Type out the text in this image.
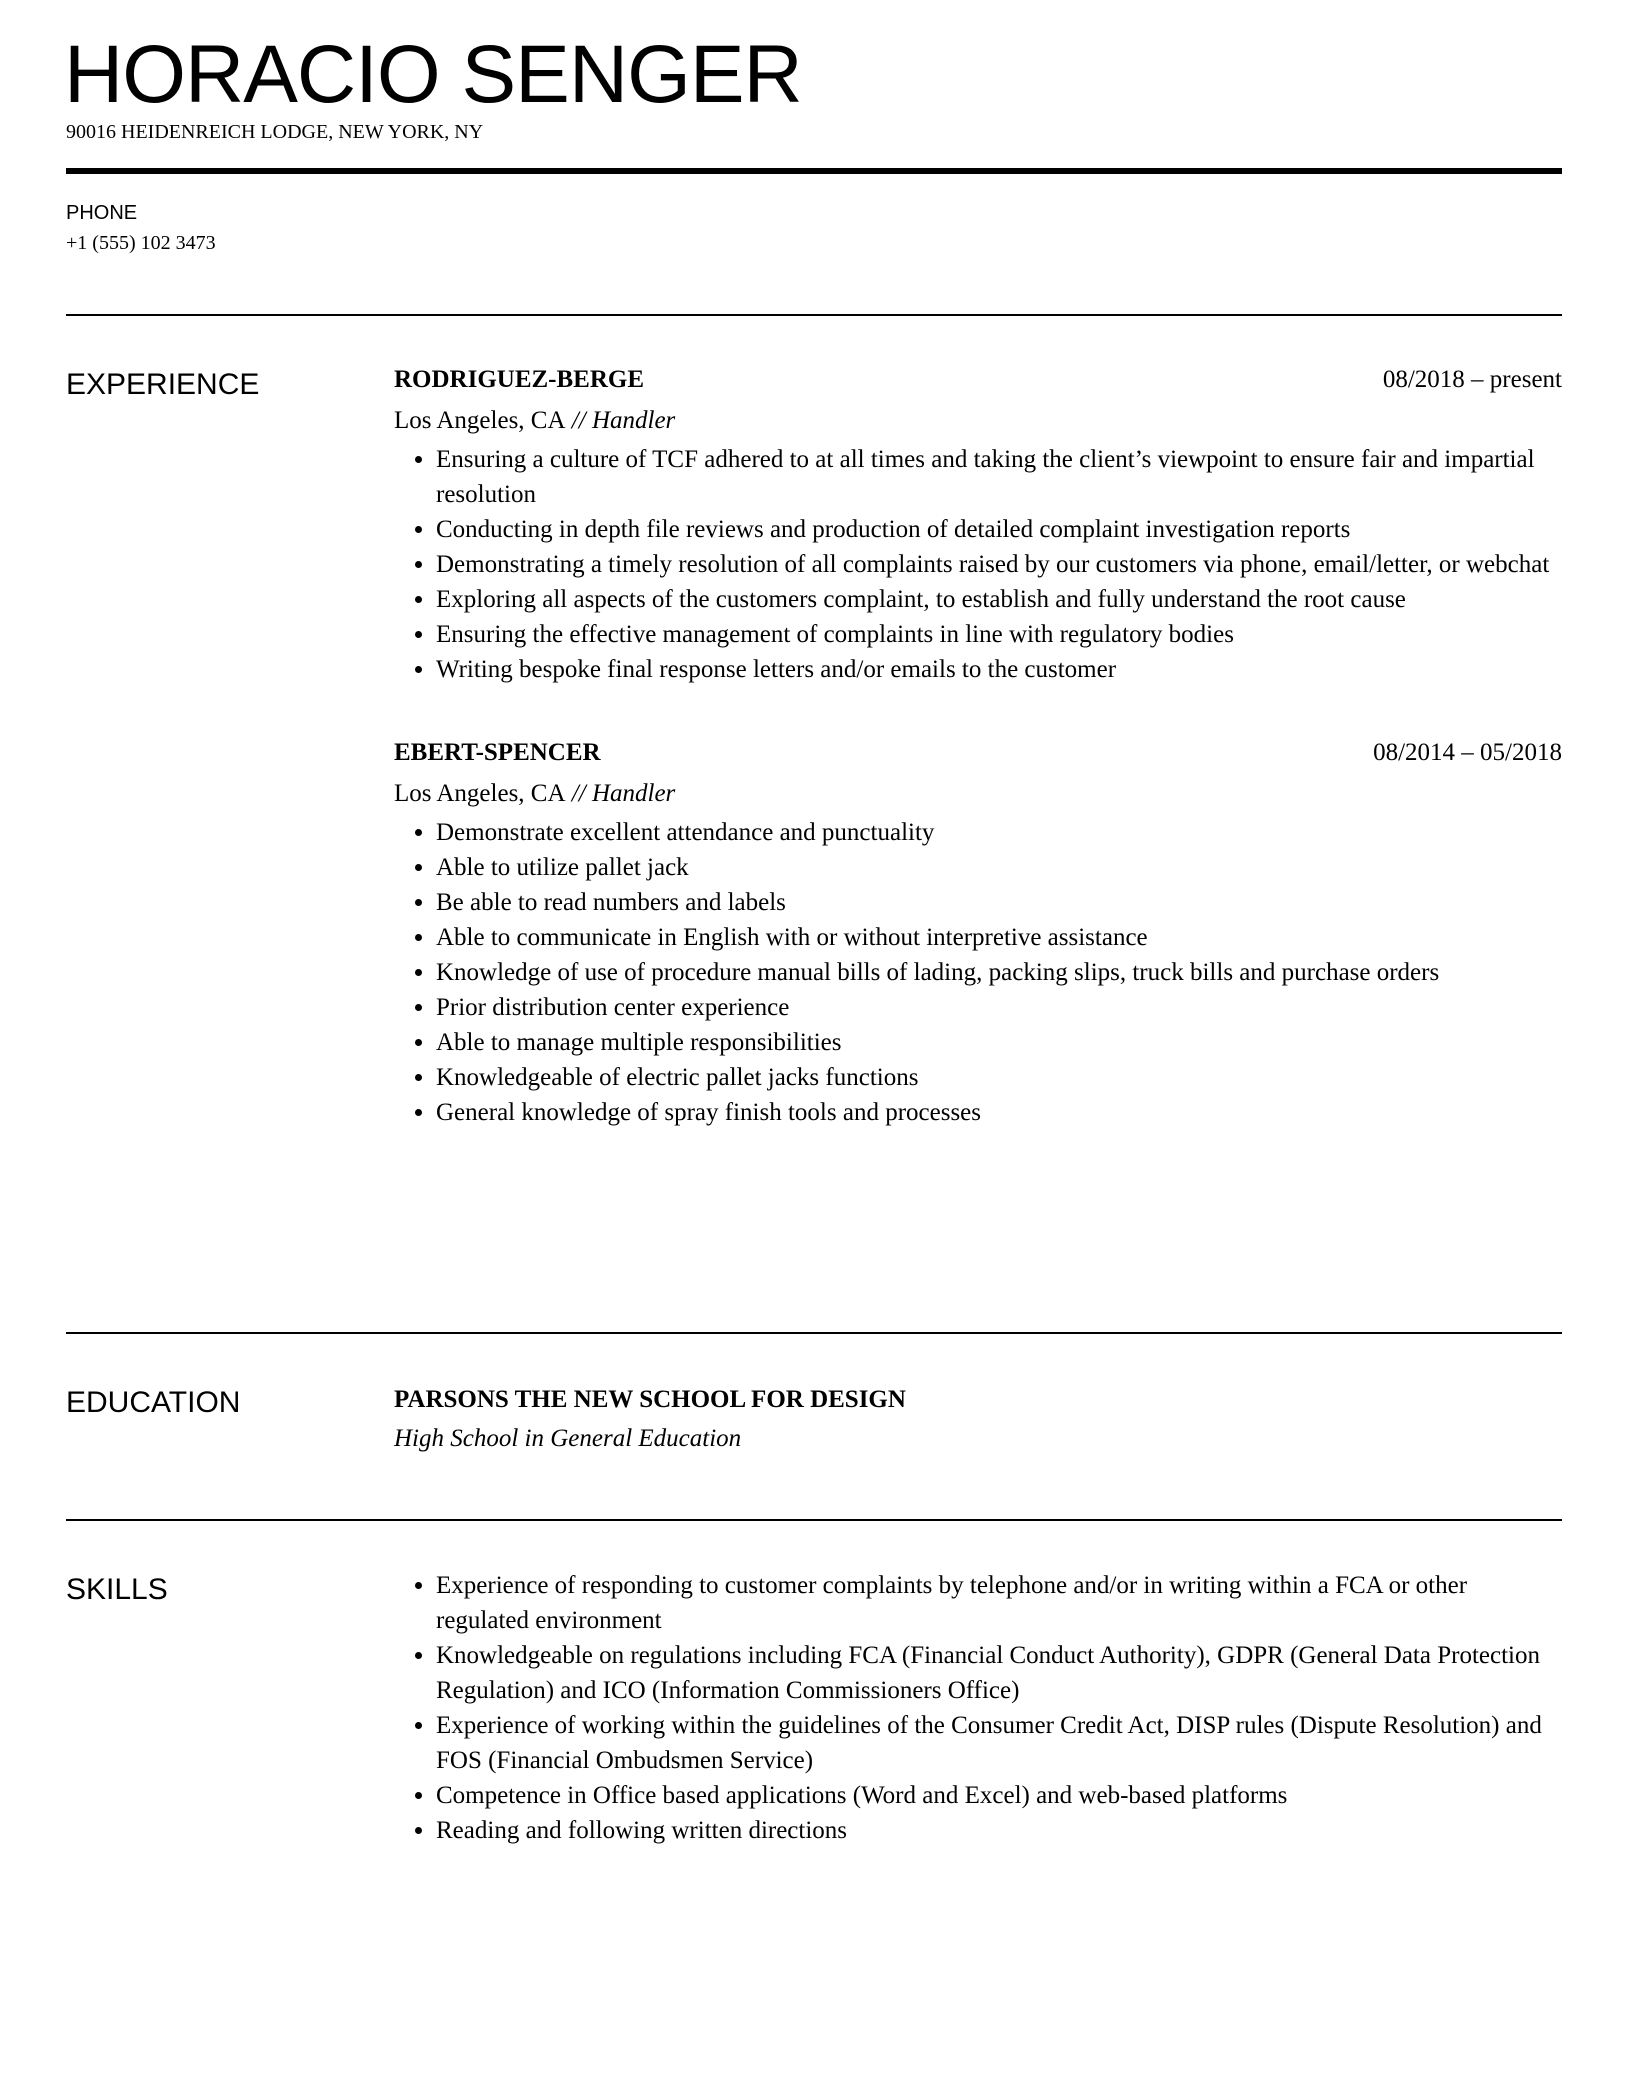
HORACIO SENGER
90016 HEIDENREICH LODGE, NEW YORK, NY
PHONE
+1 (555) 102 3473
EXPERIENCE	RODRIGUEZ-BERGE	08/2018 – present
Los Angeles, CA // Handler
• Ensuring a culture of TCF adhered to at all times and taking the client’s viewpoint to ensure fair and impartial resolution
• Conducting in depth file reviews and production of detailed complaint investigation reports
• Demonstrating a timely resolution of all complaints raised by our customers via phone, email/letter, or webchat
• Exploring all aspects of the customers complaint, to establish and fully understand the root cause
• Ensuring the effective management of complaints in line with regulatory bodies
• Writing bespoke final response letters and/or emails to the customer
EBERT-SPENCER	08/2014 – 05/2018
Los Angeles, CA // Handler
• Demonstrate excellent attendance and punctuality
• Able to utilize pallet jack
• Be able to read numbers and labels
• Able to communicate in English with or without interpretive assistance
• Knowledge of use of procedure manual bills of lading, packing slips, truck bills and purchase orders
• Prior distribution center experience
• Able to manage multiple responsibilities
• Knowledgeable of electric pallet jacks functions
• General knowledge of spray finish tools and processes
EDUCATION	PARSONS THE NEW SCHOOL FOR DESIGN
High School in General Education
SKILLS	• Experience of responding to customer complaints by telephone and/or in writing within a FCA or other regulated environment
• Knowledgeable on regulations including FCA (Financial Conduct Authority), GDPR (General Data Protection Regulation) and ICO (Information Commissioners Office)
• Experience of working within the guidelines of the Consumer Credit Act, DISP rules (Dispute Resolution) and FOS (Financial Ombudsmen Service)
• Competence in Office based applications (Word and Excel) and web-based platforms
• Reading and following written directions
